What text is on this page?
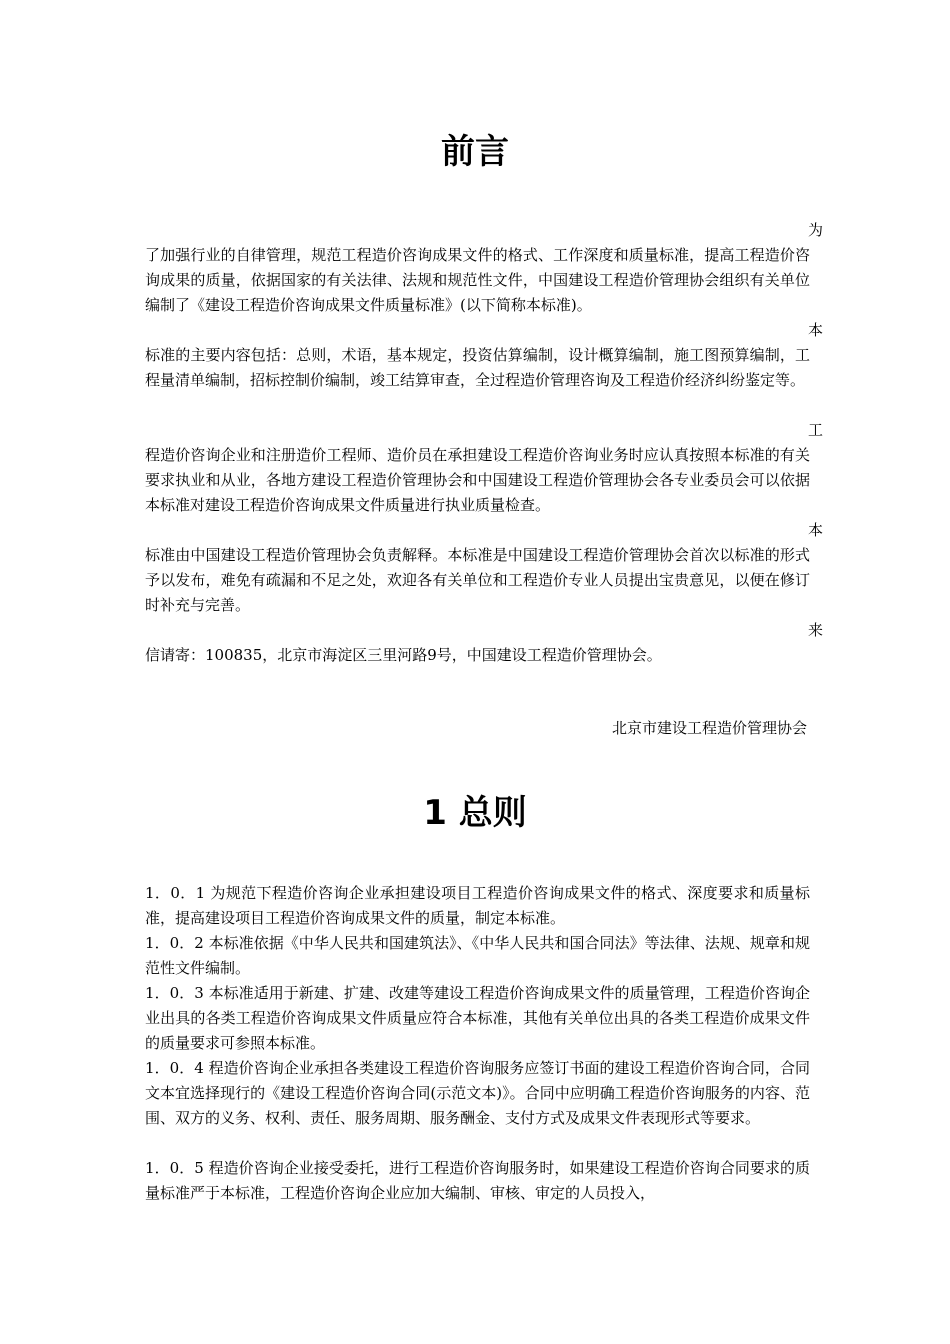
前言
为
了加强行业的自律管理，规范工程造价咨询成果文件的格式、工作深度和质量标准，提高工程造价咨询成果的质量，依据国家的有关法律、法规和规范性文件，中国建设工程造价管理协会组织有关单位编制了《建设工程造价咨询成果文件质量标准》(以下简称本标准)。
本
标准的主要内容包括：总则，术语，基本规定，投资估算编制，设计概算编制，施工图预算编制，工程量清单编制，招标控制价编制，竣工结算审查，全过程造价管理咨询及工程造价经济纠纷鉴定等。
工
程造价咨询企业和注册造价工程师、造价员在承担建设工程造价咨询业务时应认真按照本标准的有关要求执业和从业，各地方建设工程造价管理协会和中国建设工程造价管理协会各专业委员会可以依据本标准对建设工程造价咨询成果文件质量进行执业质量检查。
本
标准由中国建设工程造价管理协会负责解释。本标准是中国建设工程造价管理协会首次以标准的形式予以发布，难免有疏漏和不足之处，欢迎各有关单位和工程造价专业人员提出宝贵意见，以便在修订时补充与完善。
来
信请寄：100835，北京市海淀区三里河路9号，中国建设工程造价管理协会。
北京市建设工程造价管理协会
1 总则
1．0．1 为规范下程造价咨询企业承担建设项目工程造价咨询成果文件的格式、深度要求和质量标准，提高建设项目工程造价咨询成果文件的质量，制定本标准。
1．0．2 本标准依据《中华人民共和国建筑法》、《中华人民共和国合同法》等法律、法规、规章和规范性文件编制。
1．0．3 本标准适用于新建、扩建、改建等建设工程造价咨询成果文件的质量管理，工程造价咨询企业出具的各类工程造价咨询成果文件质量应符合本标准，其他有关单位出具的各类工程造价成果文件的质量要求可参照本标准。
1．0．4 程造价咨询企业承担各类建设工程造价咨询服务应签订书面的建设工程造价咨询合同，合同文本宜选择现行的《建设工程造价咨询合同(示范文本)》。合同中应明确工程造价咨询服务的内容、范围、双方的义务、权利、责任、服务周期、服务酬金、支付方式及成果文件表现形式等要求。
1．0．5 程造价咨询企业接受委托，进行工程造价咨询服务时，如果建设工程造价咨询合同要求的质量标准严于本标准，工程造价咨询企业应加大编制、审核、审定的人员投入，
